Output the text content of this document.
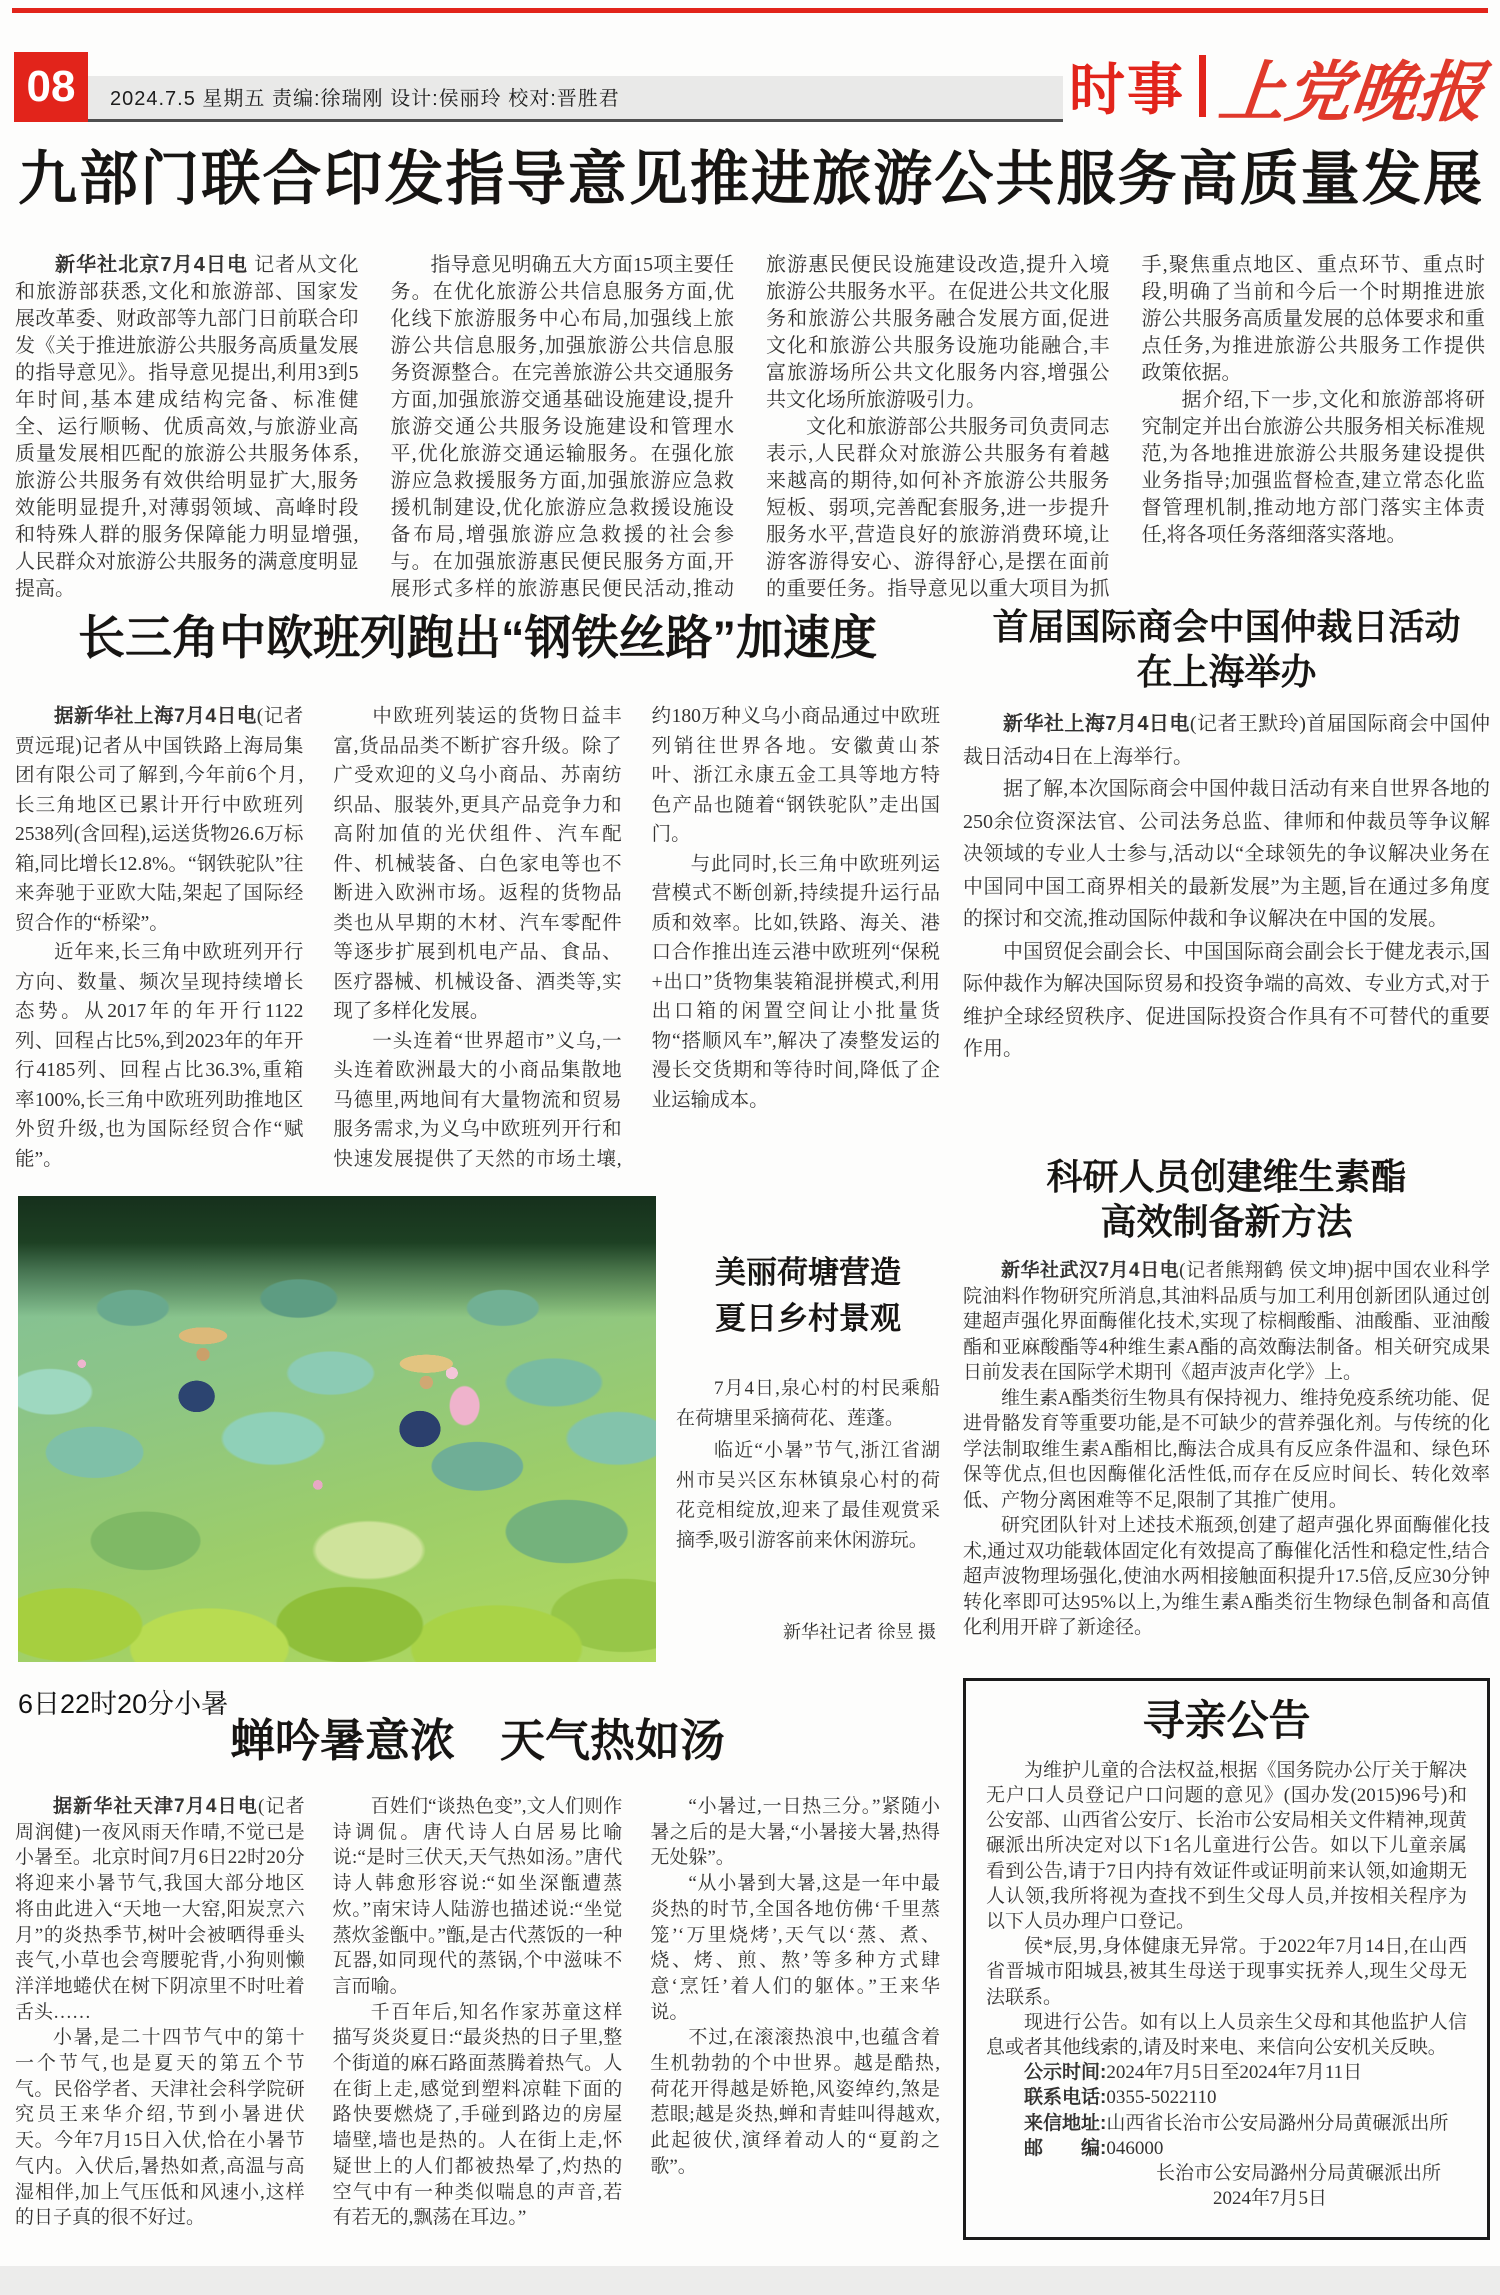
08	2024.7.5 星期五 责编:徐瑞刚 设计:侯丽玲 校对:晋胜君	时事 上党晚报
九部门联合印发指导意见推进旅游公共服务高质量发展

新华社北京7月4日电 记者从文化和旅游部获悉,文化和旅游部、国家发展改革委、财政部等九部门日前联合印发《关于推进旅游公共服务高质量发展的指导意见》。指导意见提出,利用3到5年时间,基本建成结构完备、标准健全、运行顺畅、优质高效,与旅游业高质量发展相匹配的旅游公共服务体系,旅游公共服务有效供给明显扩大,服务效能明显提升,对薄弱领域、高峰时段和特殊人群的服务保障能力明显增强,人民群众对旅游公共服务的满意度明显提高。

指导意见明确五大方面15项主要任务。在优化旅游公共信息服务方面,优化线下旅游服务中心布局,加强线上旅游公共信息服务,加强旅游公共信息服务资源整合。在完善旅游公共交通服务方面,加强旅游交通基础设施建设,提升旅游交通公共服务设施建设和管理水平,优化旅游交通运输服务。在强化旅游应急救援服务方面,加强旅游应急救援机制建设,优化旅游应急救援设施设备布局,增强旅游应急救援的社会参与。在加强旅游惠民便民服务方面,开展形式多样的旅游惠民便民活动,推动旅游惠民便民设施建设改造,提升入境旅游公共服务水平。在促进公共文化服务和旅游公共服务融合发展方面,促进文化和旅游公共服务设施功能融合,丰富旅游场所公共文化服务内容,增强公共文化场所旅游吸引力。

文化和旅游部公共服务司负责同志表示,人民群众对旅游公共服务有着越来越高的期待,如何补齐旅游公共服务短板、弱项,完善配套服务,进一步提升服务水平,营造良好的旅游消费环境,让游客游得安心、游得舒心,是摆在面前的重要任务。指导意见以重大项目为抓手,聚焦重点地区、重点环节、重点时段,明确了当前和今后一个时期推进旅游公共服务高质量发展的总体要求和重点任务,为推进旅游公共服务工作提供政策依据。

据介绍,下一步,文化和旅游部将研究制定并出台旅游公共服务相关标准规范,为各地推进旅游公共服务建设提供业务指导;加强监督检查,建立常态化监督管理机制,推动地方部门落实主体责任,将各项任务落细落实落地。

长三角中欧班列跑出“钢铁丝路”加速度

据新华社上海7月4日电(记者贾远琨)记者从中国铁路上海局集团有限公司了解到,今年前6个月,长三角地区已累计开行中欧班列2538列(含回程),运送货物26.6万标箱,同比增长12.8%。“钢铁驼队”往来奔驰于亚欧大陆,架起了国际经贸合作的“桥梁”。

近年来,长三角中欧班列开行方向、数量、频次呈现持续增长态势。从2017年的年开行1122列、回程占比5%,到2023年的年开行4185列、回程占比36.3%,重箱率100%,长三角中欧班列助推地区外贸升级,也为国际经贸合作“赋能”。

中欧班列装运的货物日益丰富,货品品类不断扩容升级。除了广受欢迎的义乌小商品、苏南纺织品、服装外,更具产品竞争力和高附加值的光伏组件、汽车配件、机械装备、白色家电等也不断进入欧洲市场。返程的货物品类也从早期的木材、汽车零配件等逐步扩展到机电产品、食品、医疗器械、机械设备、酒类等,实现了多样化发展。

一头连着“世界超市”义乌,一头连着欧洲最大的小商品集散地马德里,两地间有大量物流和贸易服务需求,为义乌中欧班列开行和快速发展提供了天然的市场土壤,约180万种义乌小商品通过中欧班列销往世界各地。安徽黄山茶叶、浙江永康五金工具等地方特色产品也随着“钢铁驼队”走出国门。

与此同时,长三角中欧班列运营模式不断创新,持续提升运行品质和效率。比如,铁路、海关、港口合作推出连云港中欧班列“保税+出口”货物集装箱混拼模式,利用出口箱的闲置空间让小批量货物“搭顺风车”,解决了凑整发运的漫长交货期和等待时间,降低了企业运输成本。

首届国际商会中国仲裁日活动
在上海举办

新华社上海7月4日电(记者王默玲)首届国际商会中国仲裁日活动4日在上海举行。

据了解,本次国际商会中国仲裁日活动有来自世界各地的250余位资深法官、公司法务总监、律师和仲裁员等争议解决领域的专业人士参与,活动以“全球领先的争议解决业务在中国同中国工商界相关的最新发展”为主题,旨在通过多角度的探讨和交流,推动国际仲裁和争议解决在中国的发展。

中国贸促会副会长、中国国际商会副会长于健龙表示,国际仲裁作为解决国际贸易和投资争端的高效、专业方式,对于维护全球经贸秩序、促进国际投资合作具有不可替代的重要作用。

科研人员创建维生素酯
高效制备新方法

新华社武汉7月4日电(记者熊翔鹤 侯文坤)据中国农业科学院油料作物研究所消息,其油料品质与加工利用创新团队通过创建超声强化界面酶催化技术,实现了棕榈酸酯、油酸酯、亚油酸酯和亚麻酸酯等4种维生素A酯的高效酶法制备。相关研究成果日前发表在国际学术期刊《超声波声化学》上。

维生素A酯类衍生物具有保持视力、维持免疫系统功能、促进骨骼发育等重要功能,是不可缺少的营养强化剂。与传统的化学法制取维生素A酯相比,酶法合成具有反应条件温和、绿色环保等优点,但也因酶催化活性低,而存在反应时间长、转化效率低、产物分离困难等不足,限制了其推广使用。

研究团队针对上述技术瓶颈,创建了超声强化界面酶催化技术,通过双功能载体固定化有效提高了酶催化活性和稳定性,结合超声波物理场强化,使油水两相接触面积提升17.5倍,反应30分钟转化率即可达95%以上,为维生素A酯类衍生物绿色制备和高值化利用开辟了新途径。

美丽荷塘营造
夏日乡村景观

7月4日,泉心村的村民乘船在荷塘里采摘荷花、莲蓬。

临近“小暑”节气,浙江省湖州市吴兴区东林镇泉心村的荷花竞相绽放,迎来了最佳观赏采摘季,吸引游客前来休闲游玩。

新华社记者 徐昱 摄
6日22时20分小暑
蝉吟暑意浓　天气热如汤

据新华社天津7月4日电(记者周润健)一夜风雨天作晴,不觉已是小暑至。北京时间7月6日22时20分将迎来小暑节气,我国大部分地区将由此进入“天地一大窑,阳炭烹六月”的炎热季节,树叶会被晒得垂头丧气,小草也会弯腰驼背,小狗则懒洋洋地蜷伏在树下阴凉里不时吐着舌头……

小暑,是二十四节气中的第十一个节气,也是夏天的第五个节气。民俗学者、天津社会科学院研究员王来华介绍,节到小暑进伏天。今年7月15日入伏,恰在小暑节气内。入伏后,暑热如煮,高温与高湿相伴,加上气压低和风速小,这样的日子真的很不好过。

百姓们“谈热色变”,文人们则作诗调侃。唐代诗人白居易比喻说:“是时三伏天,天气热如汤。”唐代诗人韩愈形容说:“如坐深甑遭蒸炊。”南宋诗人陆游也描述说:“坐觉蒸炊釜甑中。”甑,是古代蒸饭的一种瓦器,如同现代的蒸锅,个中滋味不言而喻。

千百年后,知名作家苏童这样描写炎炎夏日:“最炎热的日子里,整个街道的麻石路面蒸腾着热气。人在街上走,感觉到塑料凉鞋下面的路快要燃烧了,手碰到路边的房屋墙壁,墙也是热的。人在街上走,怀疑世上的人们都被热晕了,灼热的空气中有一种类似喘息的声音,若有若无的,飘荡在耳边。”

“小暑过,一日热三分。”紧随小暑之后的是大暑,“小暑接大暑,热得无处躲”。

“从小暑到大暑,这是一年中最炎热的时节,全国各地仿佛‘千里蒸笼’‘万里烧烤’,天气以‘蒸、煮、烧、烤、煎、熬’等多种方式肆意‘烹饪’着人们的躯体。”王来华说。

不过,在滚滚热浪中,也蕴含着生机勃勃的个中世界。越是酷热,荷花开得越是娇艳,风姿绰约,煞是惹眼;越是炎热,蝉和青蛙叫得越欢,此起彼伏,演绎着动人的“夏韵之歌”。

寻亲公告

为维护儿童的合法权益,根据《国务院办公厅关于解决无户口人员登记户口问题的意见》(国办发(2015)96号)和公安部、山西省公安厅、长治市公安局相关文件精神,现黄碾派出所决定对以下1名儿童进行公告。如以下儿童亲属看到公告,请于7日内持有效证件或证明前来认领,如逾期无人认领,我所将视为查找不到生父母人员,并按相关程序为以下人员办理户口登记。

侯*辰,男,身体健康无异常。于2022年7月14日,在山西省晋城市阳城县,被其生母送于现事实抚养人,现生父母无法联系。

现进行公告。如有以上人员亲生父母和其他监护人信息或者其他线索的,请及时来电、来信向公安机关反映。

公示时间:2024年7月5日至2024年7月11日

联系电话:0355-5022110

来信地址:山西省长治市公安局潞州分局黄碾派出所

邮　　编:046000

长治市公安局潞州分局黄碾派出所

2024年7月5日
